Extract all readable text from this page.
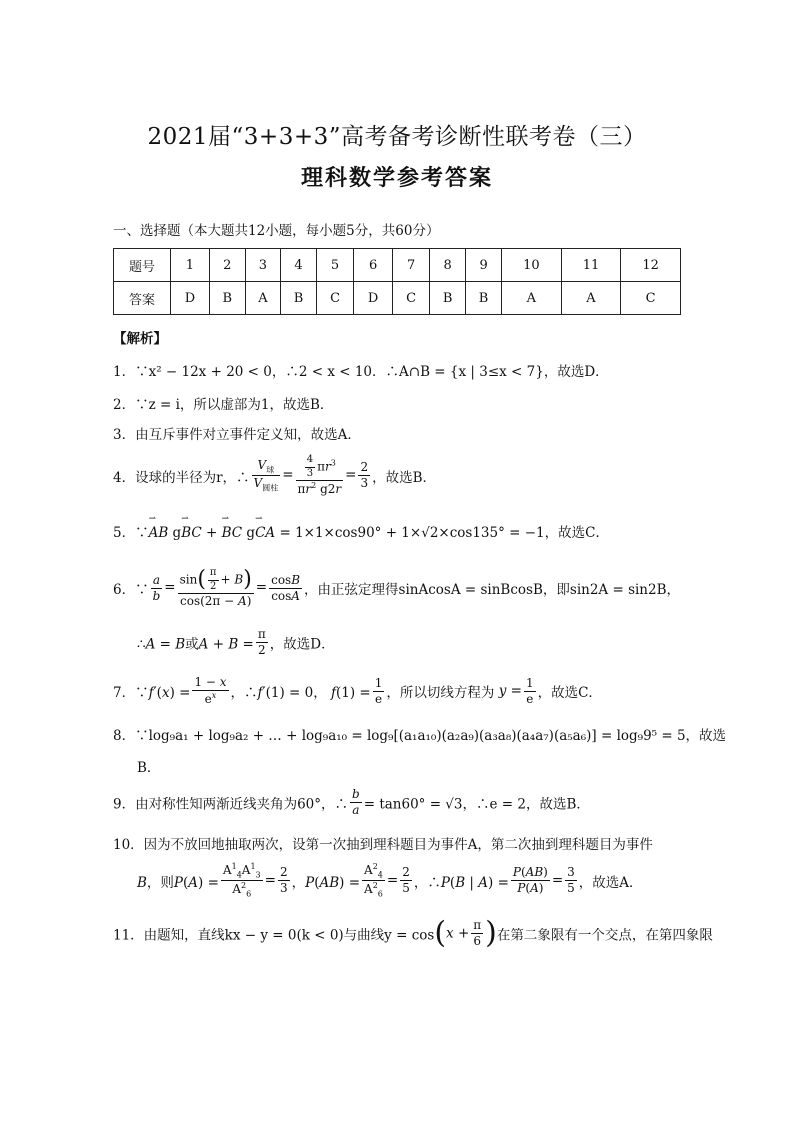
2021届“3+3+3”高考备考诊断性联考卷（三）
理科数学参考答案
一、选择题（本大题共12小题，每小题5分，共60分）
题号	1	2	3	4	5	6	7	8	9	10	11	12
答案	D	B	A	B	C	D	C	B	B	A	A	C
【解析】
1．∵x² − 12x + 20 < 0，∴2 < x < 10．∴A∩B = {x | 3≤x < 7}，故选D．
2．∵z = i，所以虚部为1，故选B．
3．由互斥事件对立事件定义知，故选A．
4．设球的半径为r，∴ $\frac{V_球}{V_{圆柱}} = \frac{\frac{4}{3} \pi r^3}{\pi r^2 g2r} = \frac{2}{3}$ ，故选B．
5．∵⇀ AB g⇀ BC + ⇀ BC g⇀ CA = 1×1×cos90° + 1×√2×cos135° = −1，故选C．
6．∵ $\frac{a}{b} = \frac{\sin( \frac{\pi}{2} + B)}{\cos(2\pi - A)} = \frac{\cos B}{\cos A}$ ，由正弦定理得sinAcosA = sinBcosB，即sin2A = sin2B，
∴A = B或$A + B = \frac{\pi}{2}$ ，故选D．
7．∵f′(x) = $\frac{1 - x}{e^x}$ ，∴f′(1) = 0， $f(1) = \frac{1}{e}$ ，所以切线方程为 $y = \frac{1}{e}$ ，故选C．
8．∵log₉a₁ + log₉a₂ + … + log₉a₁₀ = log₉[(a₁a₁₀)(a₂a₉)(a₃a₈)(a₄a₇)(a₅a₆)] = log₉9⁵ = 5，故选
B．
9．由对称性知两渐近线夹角为60°，∴ $\frac{b}{a} = \tan 60^\circ = √3$，∴e = 2，故选B．
10．因为不放回地抽取两次，设第一次抽到理科题目为事件A，第二次抽到理科题目为事件
B，则$P(A) = \frac{A^1_4A^1_3}{A^2_6} = \frac{2}{3}$ ，$P(AB) = \frac{A^2_4}{A^2_6} = \frac{2}{5}$ ，∴P(B | $A) = \frac{P(AB)}{P(A)} = \frac{3}{5}$ ，故选A．
11．由题知，直线kx − y = 0(k < 0)与曲线$y = \cos(x + \frac{\pi}{6}$ )在第二象限有一个交点，在第四象限
